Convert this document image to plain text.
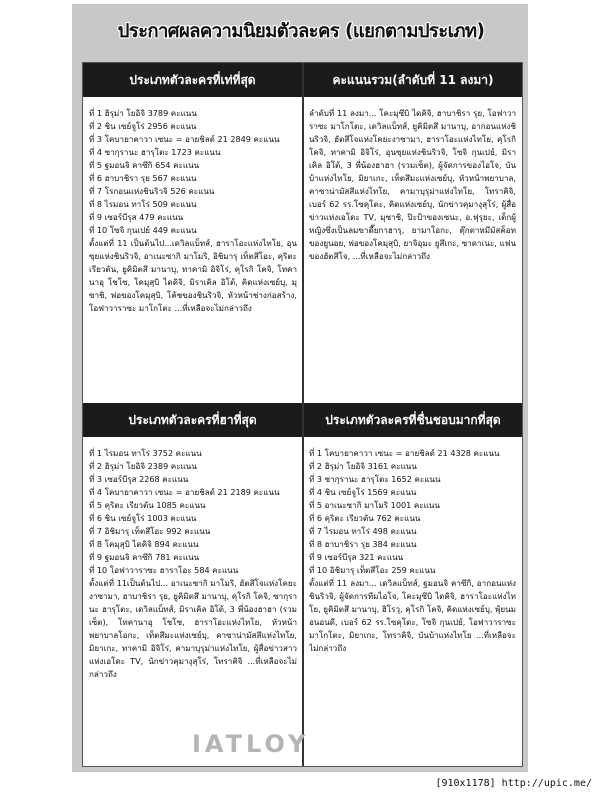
ประกาศผลความนิยมตัวละคร (แยกตามประเภท)
ประเภทตัวละครที่เท่ที่สุด
ที่ 1 ฮิรุม่า โยอิจิ 3789 คะแนน
ที่ 2 ชิน เซย์จูโร่ 2956 คะแนน
ที่ 3 โคบายาคาวา เซนะ = อายชิลด์ 21 2849 คะแนน
ที่ 4 ซากุรานะ ฮารุโตะ 1723 คะแนน
ที่ 5 ฐมอนจิ คาซึกิ 654 คะแนน
ที่ 6 ฮาบาชิรา รุย 567 คะแนน
ที่ 7 โรกอนแห่งชินริวจิ 526 คะแนน
ที่ 8 ไรมอน ทาโร่ 509 คะแนน
ที่ 9 เซอร์บีรุส 479 คะแนน
ที่ 10 โซจิ กุนเปย์ 449 คะแนน
ตั้งแต่ที่ 11 เป็นต้นไป...เดวิลแบ็ทส์, ฮาราโอะแห่งไทโย, อุนซุยแห่งชินริวจิ, อาเนะซากิ มาโมริ, อิชิมารุ เท็ตสึโอะ, คุริตะ เรียวตัน, ยูคิมิตสึ มานาบุ, ทาคามิ อิจิโร่, คุโรกิ โคจิ, โทคานาอุ โชโซ, โคมุสุบิ ไดคิจิ, มิราเคิล อิโต้, คิดแห่งเซย์บุ, มุซาชิ, พ่อของโคมุสุบิ, โค้ชของชินริวจิ, หัวหน้าช่างก่อสร้าง, โอฟาวาราซะ มาโกโตะ ...ที่เหลือจะไม่กล่าวถึง
คะแนนรวม(ลำดับที่ 11 ลงมา)
ลำดับที่ 11 ลงมา... โคะมุซึบิ ไดคิจิ, ฮาบาชิรา รุย, โอฟาวาราซะ มาโกโตะ, เดวิลแบ็ทส์, ยูคิมิตสึ มานาบุ, อากอนแห่งชินริวจิ, ฮัตสึโจแห่งโคยะงาซามา, ฮาราโอะแห่งไทโย, คุโรกิ โคจิ, ทาคามิ อิจิโร่, อุนซุยแห่งชินริวจิ, โซจิ กุนเปย์, มิราเคิล อิโต้, 3 พี่น้องฮาฮา (รวมเซ็ต), ผู้จัดการของไอโจ, บันบ้าแห่งไทโย, มิยาเกะ, เท็ตสึมะแห่งเซย์บุ, หัวหน้าพยาบาล, คาซาน่ามัสสึแห่งไทโย, คามาบุรุม่าแห่งไทโย, โทราคิจิ, เบอร์ 62 รร.โซคุโดะ, คิดแห่งเซย์บุ, นักข่าวคุมางุสุโร่, ผู้สื่อข่าวแห่งเอโดะ TV, มุซาชิ, ปิะป้าของเซนะ, อ.ฟุรุยะ, เด็กผู้หญิงซึ่งเป็นลมขาดี๊ยกาฮารุ, ยามาโอกะ, ตุ๊กตาหมีมัสค็อทของยูนอย, พ่อของโคมุสุบิ, ยาจิอุมะ ยูสึเกะ, ซาดาเนะ, แฟนของฮัตสึโจ, ...ที่เหลือจะไม่กล่าวถึง
ประเภทตัวละครที่ฮาที่สุด
ที่ 1 ไรมอน ทาโร่ 3752 คะแนน
ที่ 2 ฮิรุม่า โยอิจิ 2389 คะแนน
ที่ 3 เซอร์บีรุส 2268 คะแนน
ที่ 4 โคบายาคาวา เซนะ = อายชิลด์ 21 2189 คะแนน
ที่ 5 คุริตะ เรียวตัน 1085 คะแนน
ที่ 6 ชิน เซย์จูโร่ 1003 คะแนน
ที่ 7 อิชิมารุ เท็ตสึโอะ 992 คะแนน
ที่ 8 โคมุสุบิ ไดคิจิ 894 คะแนน
ที่ 9 ฐมอนจิ คาซึกิ 781 คะแนน
ที่ 10 โอฟาวาราซะ ฮาราโอะ 584 คะแนน
ตั้งแต่ที่ 11เป็นต้นไป... อาเนะซากิ มาโมริ, ฮัตสึโจแห่งโคยะงาซามา, ฮาบาชิรา รุย, ยูคิมิตสึ มานาบุ, คุโรกิ โคจิ, ซากุรานะ ฮารุโตะ, เดวิลแบ็ทส์, มิราเคิล อิโต้, 3 พี่น้องฮาฮา (รวมเซ็ต), โทคานาอุ โชโซ, ฮาราโอะแห่งไทโย, หัวหน้าพยาบาลโอกะ, เท็ตสึมะแห่งเซย์บุ, คาซาน่ามัสสึแห่งไทโย, มิยาเกะ, ทาคามิ อิจิโร่, คามาบุรุม่าแห่งไทโย, ผู้สื่อข่าวสาวแห่งเอโดะ TV, นักข่าวคุมางุสุโร่, โทราคิจิ ...ที่เหลือจะไม่กล่าวถึง
ประเภทตัวละครที่ชื่นชอบมากที่สุด
ที่ 1 โคบายาคาวา เซนะ = อายชิลด์ 21 4328 คะแนน
ที่ 2 ฮิรุม่า โยอิจิ 3161 คะแนน
ที่ 3 ซากุรานะ ฮารุโตะ 1652 คะแนน
ที่ 4 ชิน เซย์จูโร่ 1569 คะแนน
ที่ 5 อาเนะซากิ มาโมริ 1001 คะแนน
ที่ 6 คุริตะ เรียวตัน 762 คะแนน
ที่ 7 ไรมอน ทาโร่ 498 คะแนน
ที่ 8 ฮาบาชิรา รุย 384 คะแนน
ที่ 9 เซอร์บีรุส 321 คะแนน
ที่ 10 อิชิมารุ เท็ตสึโอะ 259 คะแนน
ตั้งแต่ที่ 11 ลงมา... เดวิลแบ็ทส์, ฐมอนจิ คาซึกิ, อากอนแห่งชินริวจิ, ผู้จัดการทีมไอโจ, โคะมุซึบิ ไดคิจิ, ฮาราโอะแห่งไทโย, ยูคิมิตสึ มานาบุ, ฮิโรวุ, คุโรกิ โคจิ, คิดแห่งเซย์บุ, พุ้ยนมอนอนดี, เบอร์ 62 รร.โซคุโดะ, โซจิ กุนเปย์, โอฟาวาราซะ มาโกโตะ, มิยาเกะ, โทราคิจิ, บันบ้าแห่งไทโย ...ที่เหลือจะไม่กล่าวถึง
IATLOY
[910x1178] http://upic.me/
